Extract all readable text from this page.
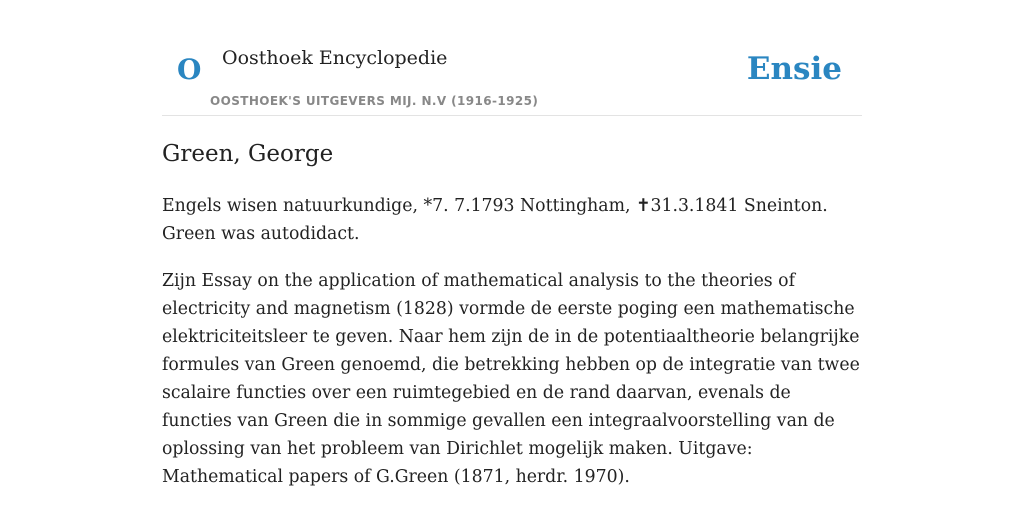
O Oosthoek Encyclopedie
OOSTHOEK'S UITGEVERS MIJ. N.V (1916-1925)
Ensie
Green, George

Engels wisen natuurkundige, *7. 7.1793 Nottingham, ✝31.3.1841 Sneinton. Green was autodidact.

Zijn Essay on the application of mathematical analysis to the theories of electricity and magnetism (1828) vormde de eerste poging een mathematische elektriciteitsleer te geven. Naar hem zijn de in de potentiaaltheorie belangrijke formules van Green genoemd, die betrekking hebben op de integratie van twee scalaire functies over een ruimtegebied en de rand daarvan, evenals de functies van Green die in sommige gevallen een integraalvoorstelling van de oplossing van het probleem van Dirichlet mogelijk maken. Uitgave: Mathematical papers of G.Green (1871, herdr. 1970).
